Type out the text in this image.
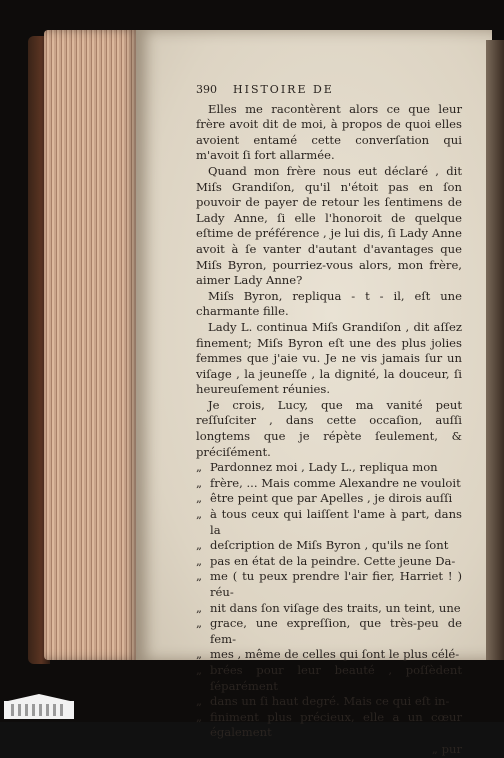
390 HISTOIRE DE
Elles me racontèrent alors ce que leur frère avoit dit de moi, à propos de quoi elles avoient entamé cette converſation qui m'avoit ſi fort allarmée.
Quand mon frère nous eut déclaré , dit Miſs Grandiſon, qu'il n'étoit pas en ſon pouvoir de payer de retour les ſentimens de Lady Anne, ſi elle l'honoroit de quelque eſtime de préférence , je lui dis, ſi Lady Anne avoit à ſe vanter d'autant d'avantages que Miſs Byron, pourriez-vous alors, mon frère, aimer Lady Anne?
Miſs Byron, repliqua - t - il, eſt une charmante fille.
Lady L. continua Miſs Grandiſon , dit aſſez finement; Miſs Byron eſt une des plus jolies femmes que j'aie vu. Je ne vis jamais ſur un viſage , la jeuneſſe , la dignité, la douceur, ſi heureuſement réunies.
Je crois, Lucy, que ma vanité peut reſſuſciter , dans cette occaſion, auſſi longtems que je répète ſeulement, & préciſément.
„ Pardonnez moi , Lady L., repliqua mon
„ frère, ... Mais comme Alexandre ne vouloit
„ être peint que par Apelles , je dirois auſſi
„ à tous ceux qui laiſſent l'ame à part, dans la
„ deſcription de Miſs Byron , qu'ils ne ſont
„ pas en état de la peindre. Cette jeune Da-
„ me ( tu peux prendre l'air fier, Harriet ! ) réu-
„ nit dans ſon viſage des traits, un teint, une
„ grace, une expreſſion, que très-peu de fem-
„ mes , même de celles qui ſont le plus célé-
„ brées pour leur beauté , poſſèdent ſéparément
„ dans un ſi haut degré. Mais ce qui eſt in-
„ finiment plus précieux, elle a un cœur également
„ pur
